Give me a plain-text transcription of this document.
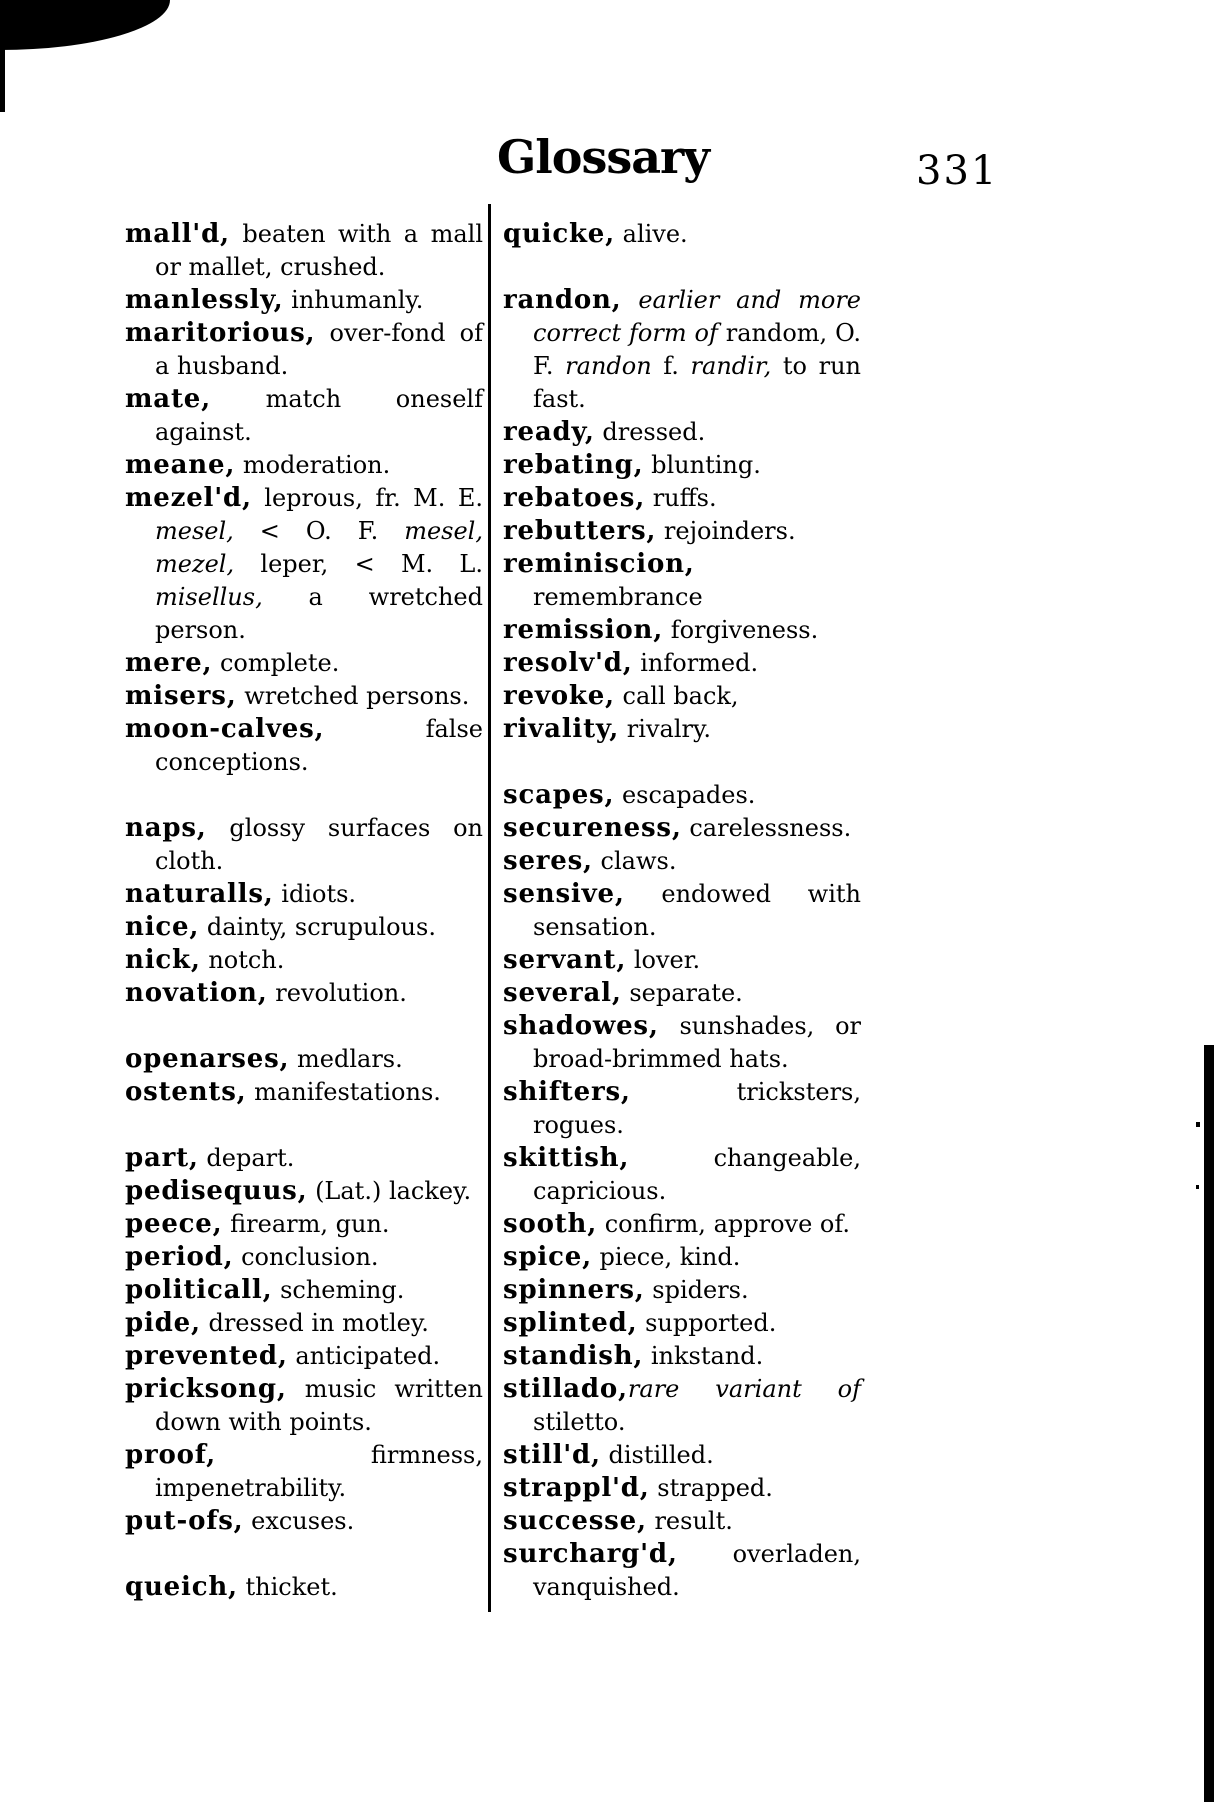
Glossary	331
mall'd, beaten with a mall or mallet, crushed.
manlessly, inhumanly.
maritorious, over-fond of a husband.
mate, match oneself against.
meane, moderation.
mezel'd, leprous, fr. M. E. mesel, < O. F. mesel, mezel, leper, < M. L. misellus, a wretched person.
mere, complete.
misers, wretched persons.
moon-calves, false conceptions.
naps, glossy surfaces on cloth.
naturalls, idiots.
nice, dainty, scrupulous.
nick, notch.
novation, revolution.
openarses, medlars.
ostents, manifestations.
part, depart.
pedisequus, (Lat.) lackey.
peece, firearm, gun.
period, conclusion.
politicall, scheming.
pide, dressed in motley.
prevented, anticipated.
pricksong, music written down with points.
proof, firmness, impenetrability.
put-ofs, excuses.
queich, thicket.
quicke, alive.
randon, earlier and more correct form of random, O. F. randon f. randir, to run fast.
ready, dressed.
rebating, blunting.
rebatoes, ruffs.
rebutters, rejoinders.
reminiscion, remembrance
remission, forgiveness.
resolv'd, informed.
revoke, call back,
rivality, rivalry.
scapes, escapades.
secureness, carelessness.
seres, claws.
sensive, endowed with sensation.
servant, lover.
several, separate.
shadowes, sunshades, or broad-brimmed hats.
shifters, tricksters, rogues.
skittish, changeable, capricious.
sooth, confirm, approve of.
spice, piece, kind.
spinners, spiders.
splinted, supported.
standish, inkstand.
stillado,rare variant of stiletto.
still'd, distilled.
strappl'd, strapped.
successe, result.
surcharg'd, overladen, vanquished.
